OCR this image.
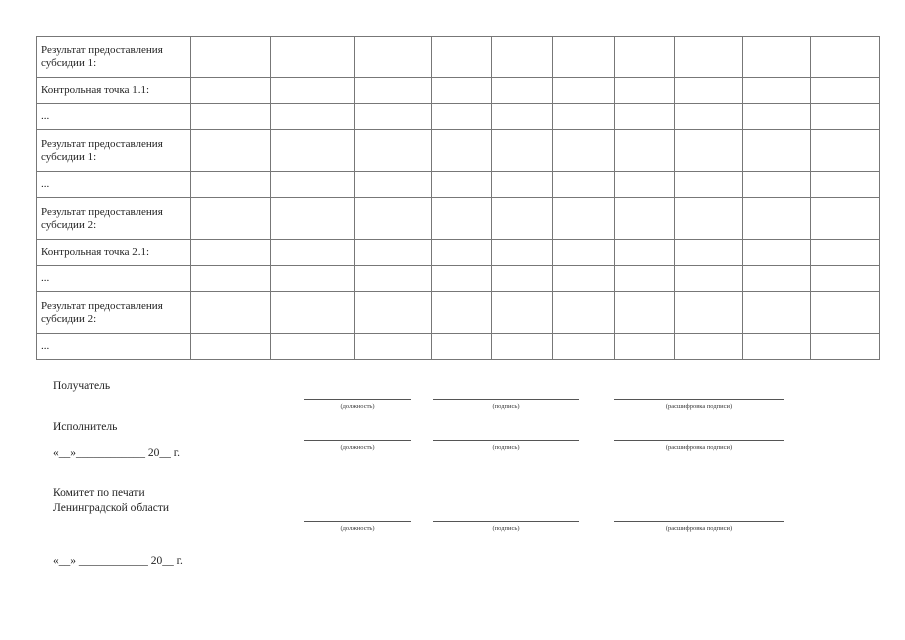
Результат предоставления субсидии 1:										
Контрольная точка 1.1:										
...										
Результат предоставления субсидии 1:										
...										
Результат предоставления субсидии 2:										
Контрольная точка 2.1:										
...										
Результат предоставления субсидии 2:										
...										
Получатель
(должность)	(подпись)	(расшифровка подписи)
Исполнитель
(должность)	(подпись)	(расшифровка подписи)
«__»____________ 20__ г.
Комитет по печати
Ленинградской области
(должность)	(подпись)	(расшифровка подписи)
«__» ____________ 20__ г.
